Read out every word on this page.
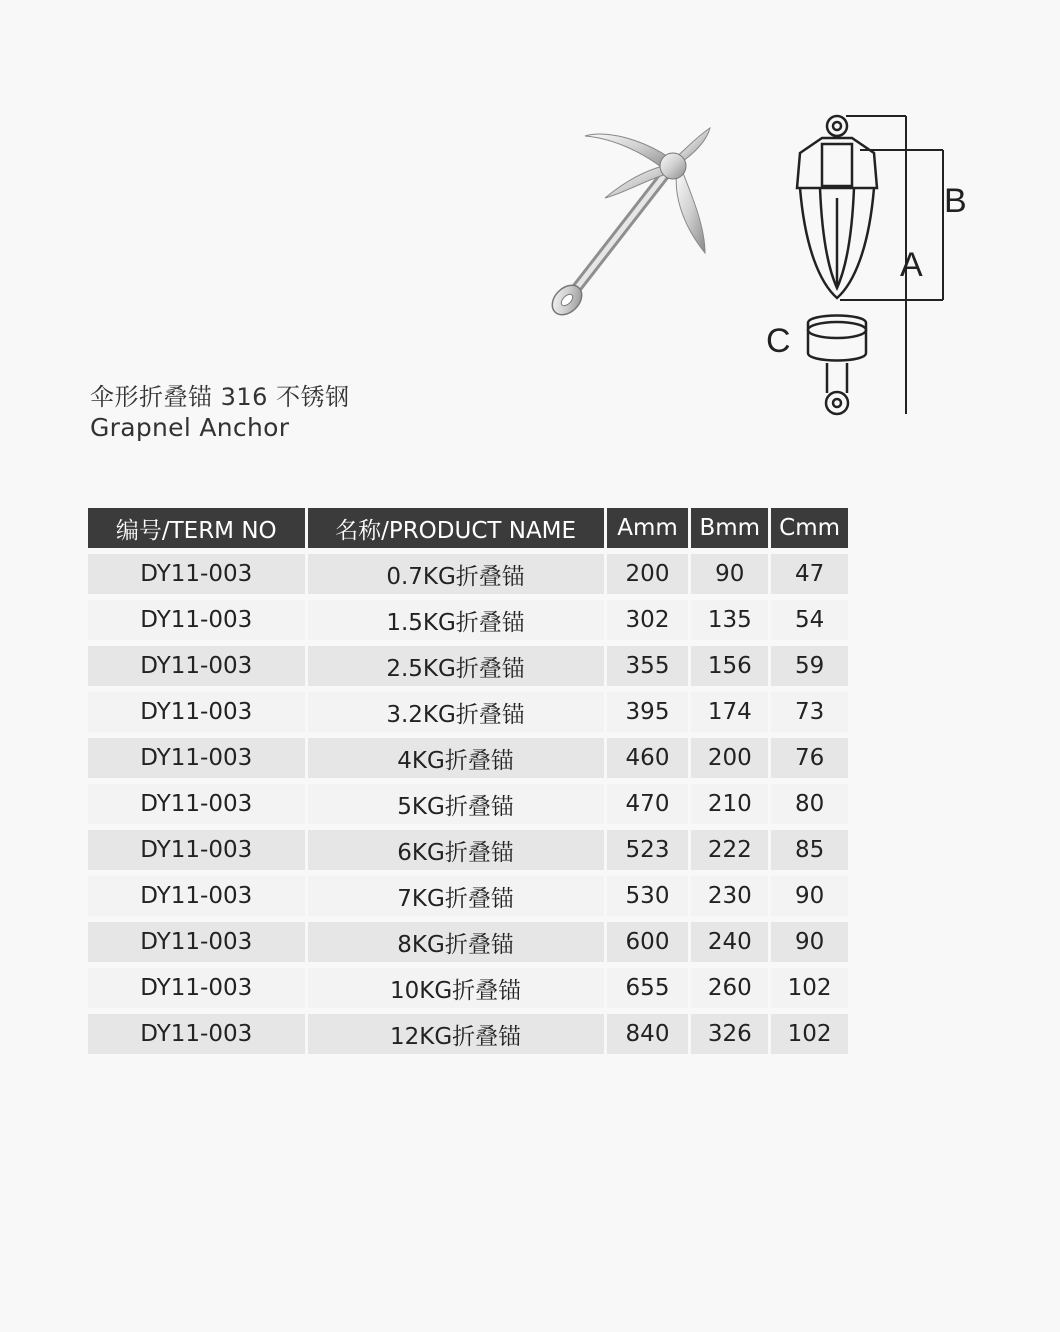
B
A
C
伞形折叠锚 316 不锈钢
Grapnel Anchor
编号/TERM NO	名称/PRODUCT NAME	Amm	Bmm	Cmm
DY11-003	0.7KG折叠锚	200	90	47
DY11-003	1.5KG折叠锚	302	135	54
DY11-003	2.5KG折叠锚	355	156	59
DY11-003	3.2KG折叠锚	395	174	73
DY11-003	4KG折叠锚	460	200	76
DY11-003	5KG折叠锚	470	210	80
DY11-003	6KG折叠锚	523	222	85
DY11-003	7KG折叠锚	530	230	90
DY11-003	8KG折叠锚	600	240	90
DY11-003	10KG折叠锚	655	260	102
DY11-003	12KG折叠锚	840	326	102
